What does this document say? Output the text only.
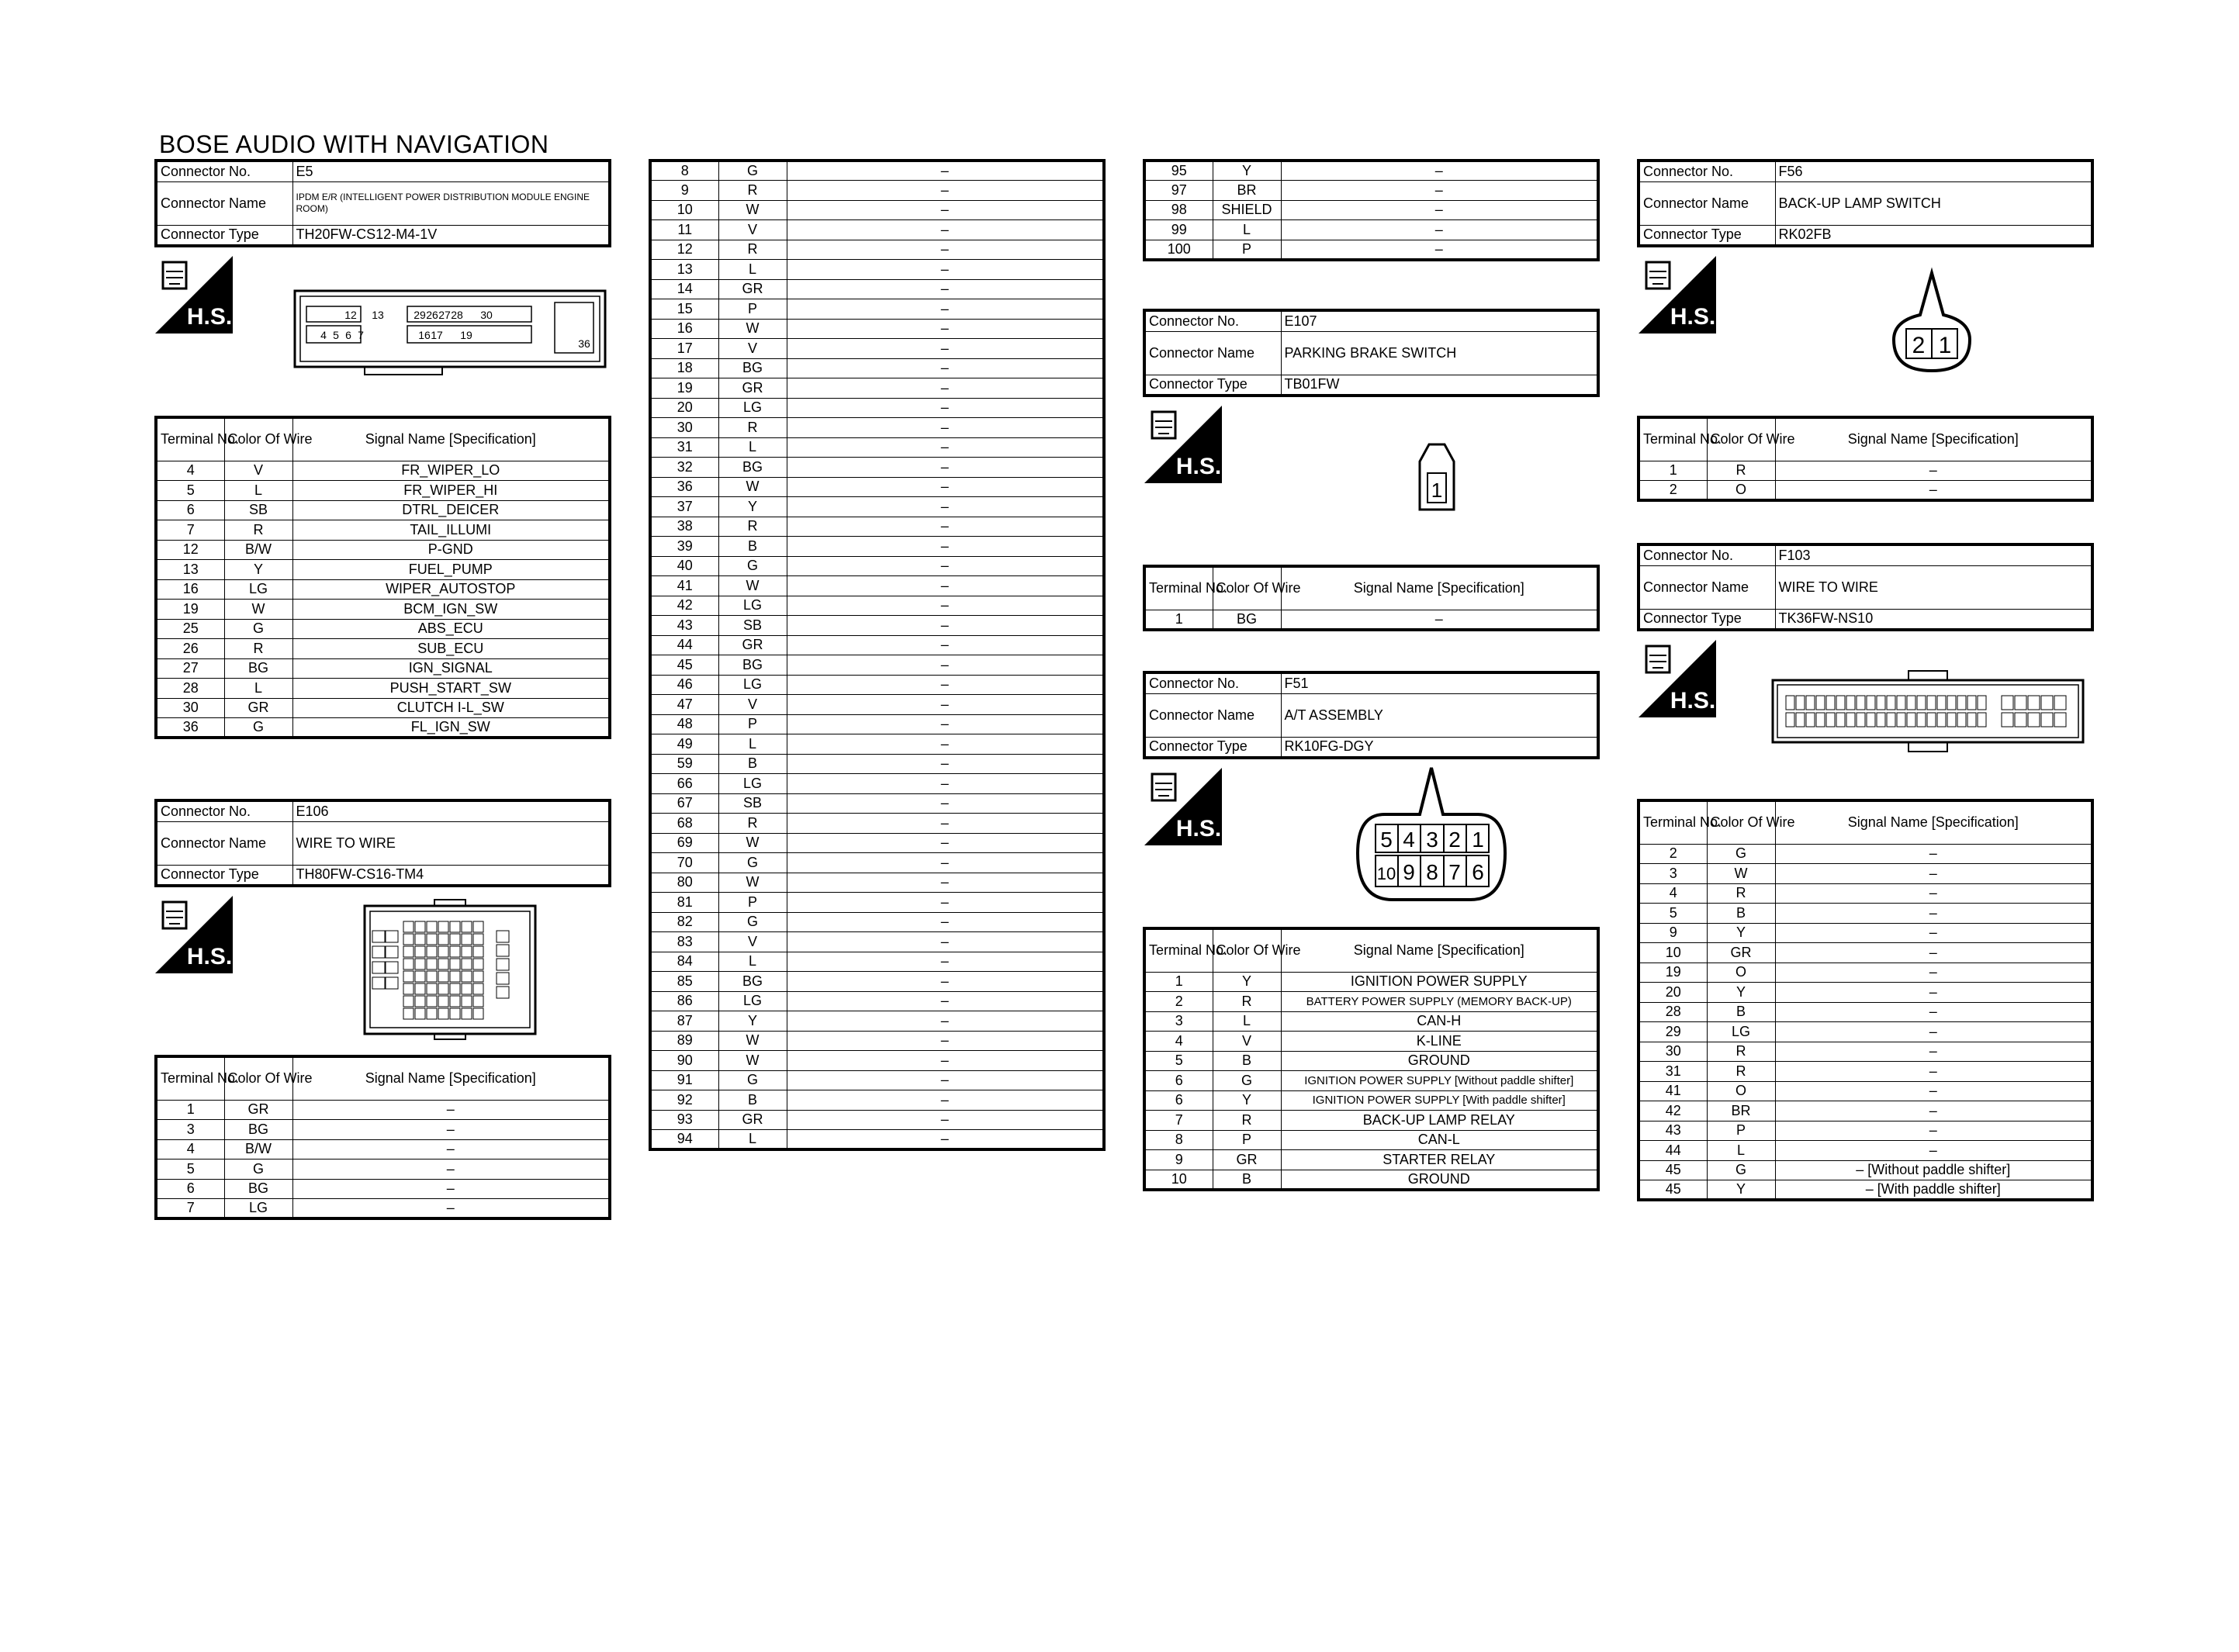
BOSE AUDIO WITH NAVIGATION
Connector No.	E5
Connector Name	IPDM E/R (INTELLIGENT POWER DISTRIBUTION MODULE ENGINE ROOM)
Connector Type	TH20FW-CS12-M4-1V
H.S.	12 13	29 26 27 28 30
4 5 6 7	16 17 19
36
Terminal No.	Color Of Wire	Signal Name [Specification]
4	V	FR_WIPER_LO
5	L	FR_WIPER_HI
6	SB	DTRL_DEICER
7	R	TAIL_ILLUMI
12	B/W	P-GND
13	Y	FUEL_PUMP
16	LG	WIPER_AUTOSTOP
19	W	BCM_IGN_SW
25	G	ABS_ECU
26	R	SUB_ECU
27	BG	IGN_SIGNAL
28	L	PUSH_START_SW
30	GR	CLUTCH I-L_SW
36	G	FL_IGN_SW
Connector No.	E106
Connector Name	WIRE TO WIRE
Connector Type	TH80FW-CS16-TM4
H.S.
Terminal No.	Color Of Wire	Signal Name [Specification]
1	GR	–
3	BG	–
4	B/W	–
5	G	–
6	BG	–
7	LG	–
8	G	–
9	R	–
10	W	–
11	V	–
12	R	–
13	L	–
14	GR	–
15	P	–
16	W	–
17	V	–
18	BG	–
19	GR	–
20	LG	–
30	R	–
31	L	–
32	BG	–
36	W	–
37	Y	–
38	R	–
39	B	–
40	G	–
41	W	–
42	LG	–
43	SB	–
44	GR	–
45	BG	–
46	LG	–
47	V	–
48	P	–
49	L	–
59	B	–
66	LG	–
67	SB	–
68	R	–
69	W	–
70	G	–
80	W	–
81	P	–
82	G	–
83	V	–
84	L	–
85	BG	–
86	LG	–
87	Y	–
89	W	–
90	W	–
91	G	–
92	B	–
93	GR	–
94	L	–
95	Y	–
97	BR	–
98	SHIELD	–
99	L	–
100	P	–
Connector No.	E107
Connector Name	PARKING BRAKE SWITCH
Connector Type	TB01FW
H.S.
1
Terminal No.	Color Of Wire	Signal Name [Specification]
1	BG	–
Connector No.	F51
Connector Name	A/T ASSEMBLY
Connector Type	RK10FG-DGY
H.S.	5 4 3 2 1
10 9 8 7 6
Terminal No.	Color Of Wire	Signal Name [Specification]
1	Y	IGNITION POWER SUPPLY
2	R	BATTERY POWER SUPPLY (MEMORY BACK-UP)
3	L	CAN-H
4	V	K-LINE
5	B	GROUND
6	G	IGNITION POWER SUPPLY [Without paddle shifter]
6	Y	IGNITION POWER SUPPLY [With paddle shifter]
7	R	BACK-UP LAMP RELAY
8	P	CAN-L
9	GR	STARTER RELAY
10	B	GROUND
Connector No.	F56
Connector Name	BACK-UP LAMP SWITCH
Connector Type	RK02FB
H.S.
2 1
Terminal No.	Color Of Wire	Signal Name [Specification]
1	R	–
2	O	–
Connector No.	F103
Connector Name	WIRE TO WIRE
Connector Type	TK36FW-NS10
H.S.
Terminal No.	Color Of Wire	Signal Name [Specification]
2	G	–
3	W	–
4	R	–
5	B	–
9	Y	–
10	GR	–
19	O	–
20	Y	–
28	B	–
29	LG	–
30	R	–
31	R	–
41	O	–
42	BR	–
43	P	–
44	L	–
45	G	– [Without paddle shifter]
45	Y	– [With paddle shifter]
